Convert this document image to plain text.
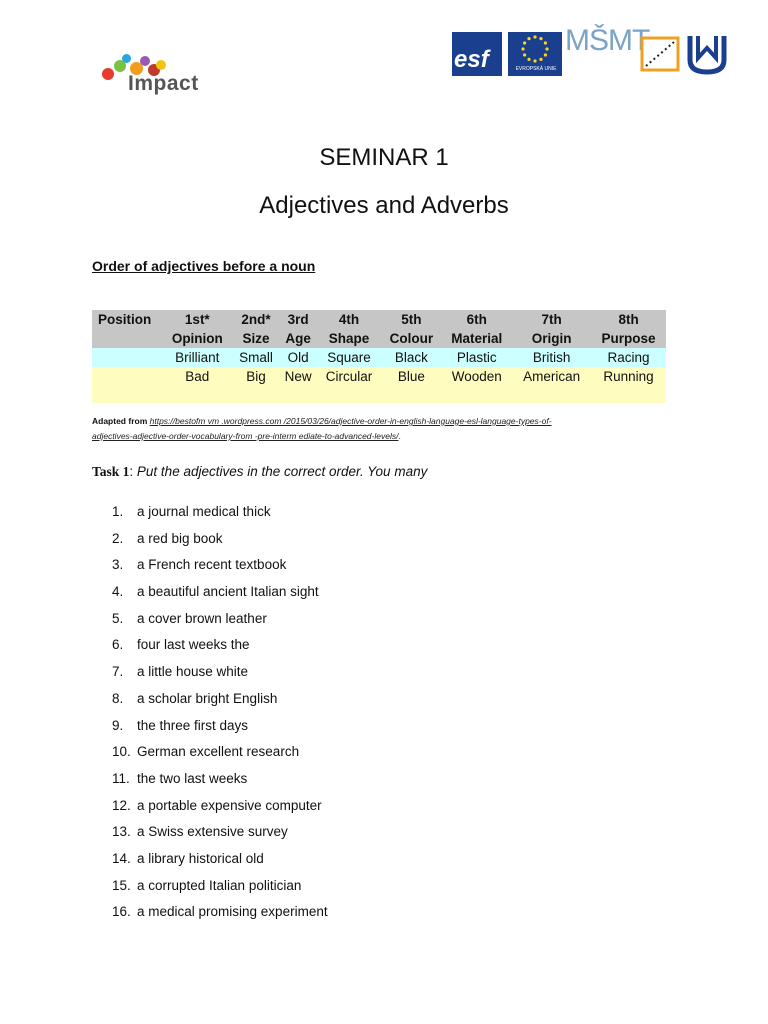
Impact
esf	EVROPSKÁ UNIE
MŠMT
SEMINAR 1
Adjectives and Adverbs
Order of adjectives before a noun
Position	1st*	2nd*	3rd	4th	5th	6th	7th	8th
	Opinion	Size	Age	Shape	Colour	Material	Origin	Purpose
	Brilliant	Small	Old	Square	Black	Plastic	British	Racing
	Bad	Big	New	Circular	Blue	Wooden	American	Running
Adapted from https://bestofm vm .wordpress.com /2015/03/26/adjective-order-in-english-language-esl-language-types-of-
adjectives-adjective-order-vocabulary-from -pre-interm ediate-to-advanced-levels/.
Task 1: Put the adjectives in the correct order. You many
1. a journal medical thick
2. a red big book
3. a French recent textbook
4. a beautiful ancient Italian sight
5. a cover brown leather
6. four last weeks the
7. a little house white
8. a scholar bright English
9. the three first days
10. German excellent research
11. the two last weeks
12. a portable expensive computer
13. a Swiss extensive survey
14. a library historical old
15. a corrupted Italian politician
16. a medical promising experiment
